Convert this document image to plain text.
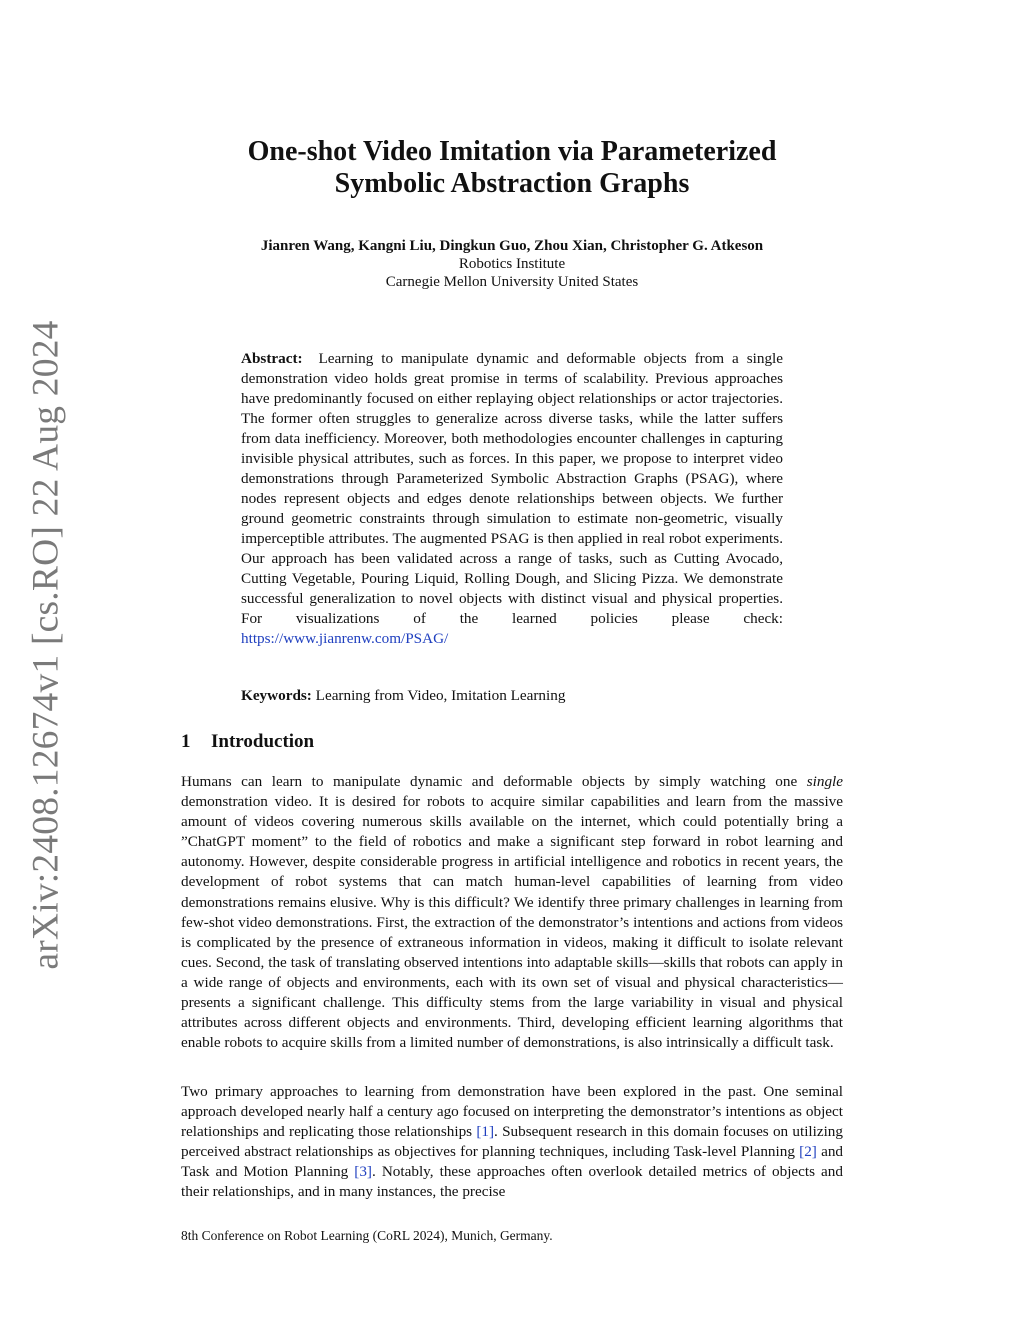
arXiv:2408.12674v1 [cs.RO] 22 Aug 2024
One-shot Video Imitation via Parameterized
Symbolic Abstraction Graphs
Jianren Wang, Kangni Liu, Dingkun Guo, Zhou Xian, Christopher G. Atkeson
Robotics Institute
Carnegie Mellon University United States

Abstract: Learning to manipulate dynamic and deformable objects from a single demonstration video holds great promise in terms of scalability. Previous approaches have predominantly focused on either replaying object relationships or actor trajectories. The former often struggles to generalize across diverse tasks, while the latter suffers from data inefficiency. Moreover, both methodologies encounter challenges in capturing invisible physical attributes, such as forces. In this paper, we propose to interpret video demonstrations through Parameterized Symbolic Abstraction Graphs (PSAG), where nodes represent objects and edges denote relationships between objects. We further ground geometric constraints through simulation to estimate non-geometric, visually imperceptible attributes. The augmented PSAG is then applied in real robot experiments. Our approach has been validated across a range of tasks, such as Cutting Avocado, Cutting Vegetable, Pouring Liquid, Rolling Dough, and Slicing Pizza. We demonstrate successful generalization to novel objects with distinct visual and physical properties. For visualizations of the learned policies please check: https://www.jianrenw.com/PSAG/

Keywords: Learning from Video, Imitation Learning

1 Introduction

Humans can learn to manipulate dynamic and deformable objects by simply watching one single demonstration video. It is desired for robots to acquire similar capabilities and learn from the massive amount of videos covering numerous skills available on the internet, which could potentially bring a ”ChatGPT moment” to the field of robotics and make a significant step forward in robot learning and autonomy. However, despite considerable progress in artificial intelligence and robotics in recent years, the development of robot systems that can match human-level capabilities of learning from video demonstrations remains elusive. Why is this difficult? We identify three primary challenges in learning from few-shot video demonstrations. First, the extraction of the demonstrator’s intentions and actions from videos is complicated by the presence of extraneous information in videos, making it difficult to isolate relevant cues. Second, the task of translating observed intentions into adaptable skills—skills that robots can apply in a wide range of objects and environments, each with its own set of visual and physical characteristics—presents a significant challenge. This difficulty stems from the large variability in visual and physical attributes across different objects and environments. Third, developing efficient learning algorithms that enable robots to acquire skills from a limited number of demonstrations, is also intrinsically a difficult task.

Two primary approaches to learning from demonstration have been explored in the past. One seminal approach developed nearly half a century ago focused on interpreting the demonstrator’s intentions as object relationships and replicating those relationships [1]. Subsequent research in this domain focuses on utilizing perceived abstract relationships as objectives for planning techniques, including Task-level Planning [2] and Task and Motion Planning [3]. Notably, these approaches often overlook detailed metrics of objects and their relationships, and in many instances, the precise

8th Conference on Robot Learning (CoRL 2024), Munich, Germany.
